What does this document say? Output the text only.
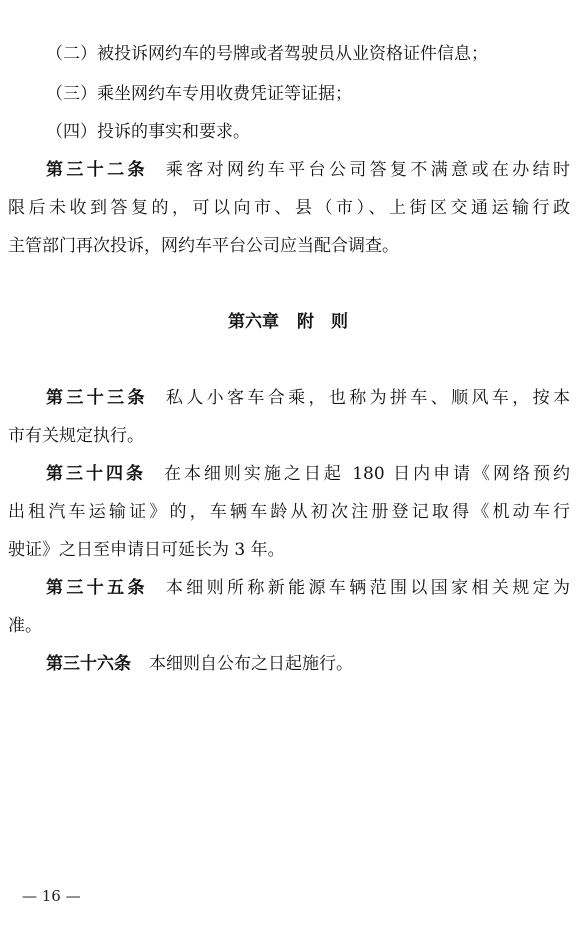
（二）被投诉网约车的号牌或者驾驶员从业资格证件信息；
（三）乘坐网约车专用收费凭证等证据；
（四）投诉的事实和要求。
第三十二条 乘客对网约车平台公司答复不满意或在办结时
限后未收到答复的，可以向市、县（市）、上街区交通运输行政
主管部门再次投诉，网约车平台公司应当配合调查。
第六章 附　则
第三十三条 私人小客车合乘，也称为拼车、顺风车，按本
市有关规定执行。
第三十四条 在本细则实施之日起 180 日内申请《网络预约
出租汽车运输证》的，车辆车龄从初次注册登记取得《机动车行
驶证》之日至申请日可延长为 3 年。
第三十五条 本细则所称新能源车辆范围以国家相关规定为
准。
第三十六条 本细则自公布之日起施行。
— 16 —
